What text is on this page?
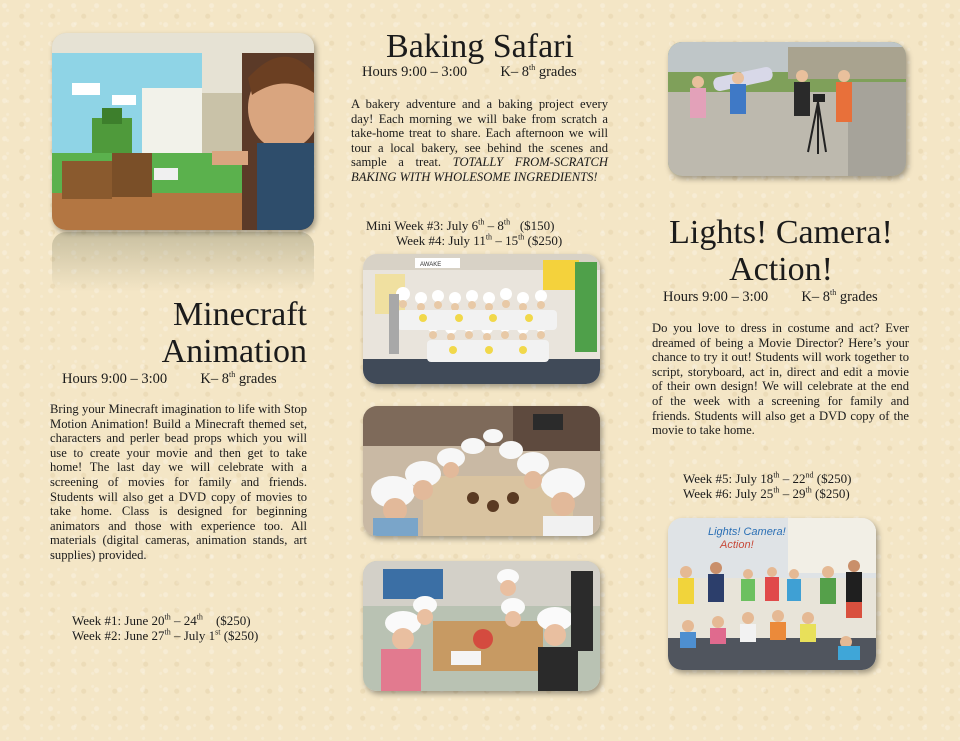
Minecraft
Animation
Hours 9:00 – 3:00 K– 8th grades
Bring your Minecraft imagination to life with Stop Motion Animation! Build a Minecraft themed set, characters and perler bead props which you will use to create your movie and then get to take home! The last day we will celebrate with a screening of movies for family and friends. Students will also get a DVD copy of movies to take home. Class is designed for beginning animators and those with experience too. All materials (digital cameras, animation stands, art supplies) provided.
Week #1: June 20th – 24th    ($250)
Week #2: June 27th – July 1st ($250)
Baking Safari
Hours 9:00 – 3:00 K– 8th grades
A bakery adventure and a baking project every day! Each morning we will bake from scratch a take-home treat to share. Each afternoon we will tour a local bakery, see behind the scenes and sample a treat. TOTALLY FROM-SCRATCH BAKING WITH WHOLESOME INGREDIENTS!
Mini Week #3: July 6th – 8th   ($150)
Week #4: July 11th – 15th ($250)
AWAKE
Lights! Camera!
Action!
Hours 9:00 – 3:00 K– 8th grades
Do you love to dress in costume and act? Ever dreamed of being a Movie Director? Here’s your chance to try it out! Students will work together to script, storyboard, act in, direct and edit a movie of their own design! We will celebrate at the end of the week with a screening for family and friends. Students will also get a DVD copy of the movie to take home.
Week #5: July 18th – 22nd ($250)
Week #6: July 25th – 29th ($250)
Lights! Camera!
Action!
